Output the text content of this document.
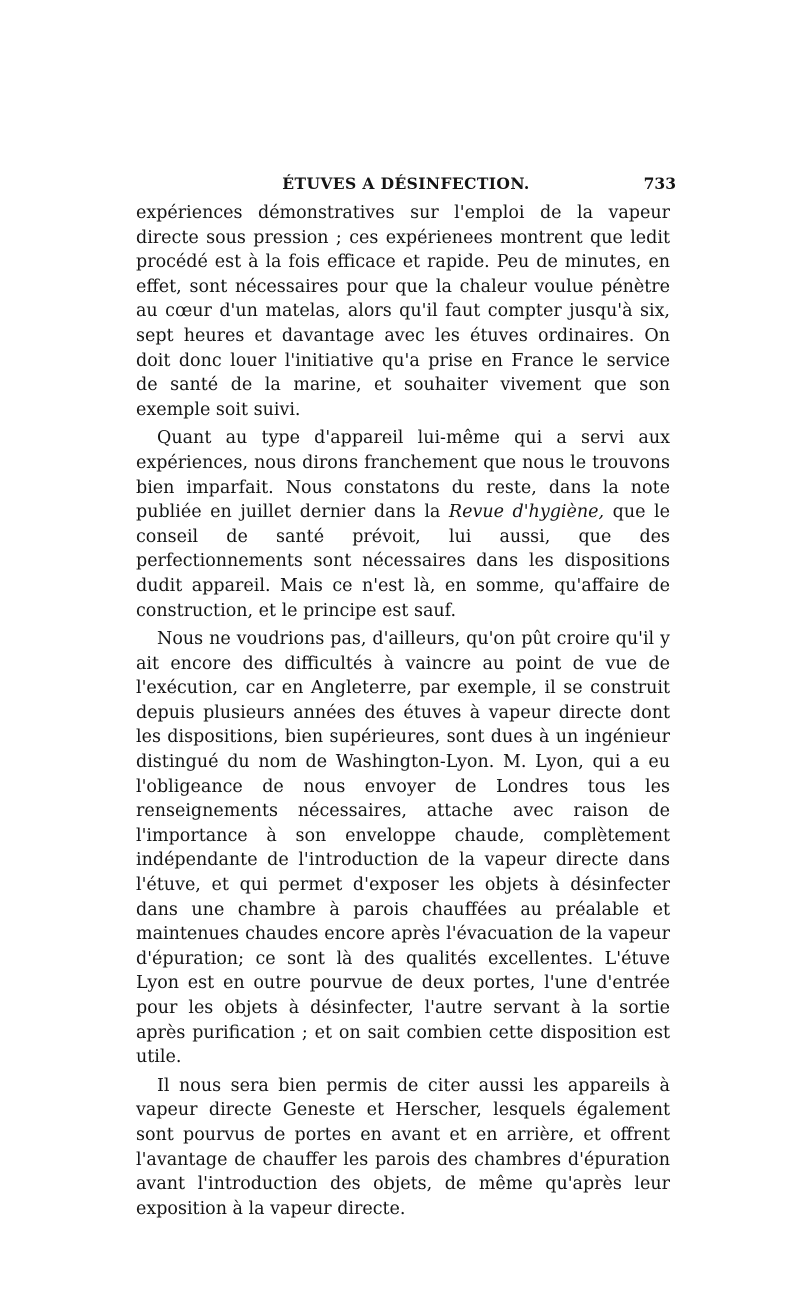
ÉTUVES A DÉSINFECTION.	733

expériences démonstratives sur l'emploi de la vapeur directe sous pression ; ces expérienees montrent que ledit procédé est à la fois efficace et rapide. Peu de minutes, en effet, sont nécessaires pour que la chaleur voulue pénètre au cœur d'un matelas, alors qu'il faut compter jusqu'à six, sept heures et davantage avec les étuves ordinaires. On doit donc louer l'initiative qu'a prise en France le service de santé de la marine, et souhaiter vivement que son exemple soit suivi.

Quant au type d'appareil lui-même qui a servi aux expériences, nous dirons franchement que nous le trouvons bien imparfait. Nous constatons du reste, dans la note publiée en juillet dernier dans la Revue d'hygiène, que le conseil de santé prévoit, lui aussi, que des perfectionnements sont nécessaires dans les dispositions dudit appareil. Mais ce n'est là, en somme, qu'affaire de construction, et le principe est sauf.

Nous ne voudrions pas, d'ailleurs, qu'on pût croire qu'il y ait encore des difficultés à vaincre au point de vue de l'exécution, car en Angleterre, par exemple, il se construit depuis plusieurs années des étuves à vapeur directe dont les dispositions, bien supérieures, sont dues à un ingénieur distingué du nom de Washington-Lyon. M. Lyon, qui a eu l'obligeance de nous envoyer de Londres tous les renseignements nécessaires, attache avec raison de l'importance à son enveloppe chaude, complètement indépendante de l'introduction de la vapeur directe dans l'étuve, et qui permet d'exposer les objets à désinfecter dans une chambre à parois chauffées au préalable et maintenues chaudes encore après l'évacuation de la vapeur d'épuration; ce sont là des qualités excellentes. L'étuve Lyon est en outre pourvue de deux portes, l'une d'entrée pour les objets à désinfecter, l'autre servant à la sortie après purification ; et on sait combien cette disposition est utile.

Il nous sera bien permis de citer aussi les appareils à vapeur directe Geneste et Herscher, lesquels également sont pourvus de portes en avant et en arrière, et offrent l'avantage de chauffer les parois des chambres d'épuration avant l'introduction des objets, de même qu'après leur exposition à la vapeur directe.
